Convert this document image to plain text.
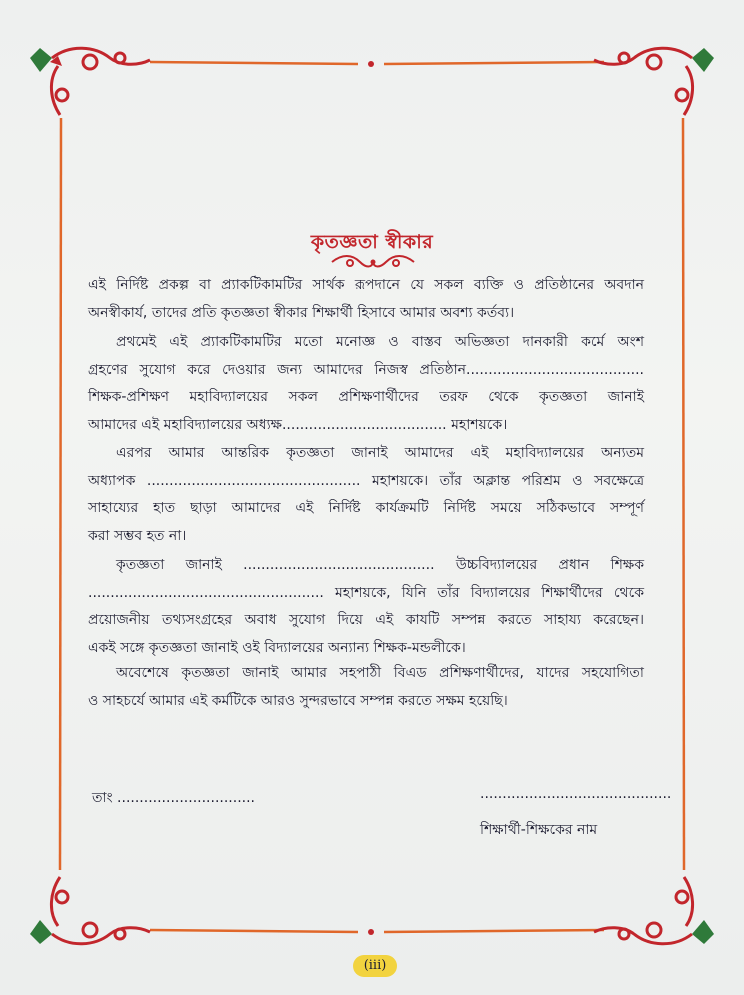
কৃতজ্ঞতা স্বীকার

এই নির্দিষ্ট প্রকল্প বা প্র্যাকটিকামটির সার্থক রূপদানে যে সকল ব্যক্তি ও প্রতিষ্ঠানের অবদান

অনস্বীকার্য, তাদের প্রতি কৃতজ্ঞতা স্বীকার শিক্ষার্থী হিসাবে আমার অবশ্য কর্তব্য।

প্রথমেই এই প্র্যাকটিকামটির মতো মনোজ্ঞ ও বাস্তব অভিজ্ঞতা দানকারী কর্মে অংশ

গ্রহণের সুযোগ করে দেওয়ার জন্য আমাদের নিজস্ব প্রতিষ্ঠান........................................

শিক্ষক-প্রশিক্ষণ মহাবিদ্যালয়ের সকল প্রশিক্ষণার্থীদের তরফ থেকে কৃতজ্ঞতা জানাই

আমাদের এই মহাবিদ্যালয়ের অধ্যক্ষ..................................... মহাশয়কে।

এরপর আমার আন্তরিক কৃতজ্ঞতা জানাই আমাদের এই মহাবিদ্যালয়ের অন্যতম

অধ্যাপক ................................................ মহাশয়কে। তাঁর অক্লান্ত পরিশ্রম ও সবক্ষেত্রে

সাহায্যের হাত ছাড়া আমাদের এই নির্দিষ্ট কার্যক্রমটি নির্দিষ্ট সময়ে সঠিকভাবে সম্পূর্ণ

করা সম্ভব হত না।

কৃতজ্ঞতা জানাই ........................................... উচ্চবিদ্যালয়ের প্রধান শিক্ষক

..................................................... মহাশয়কে, যিনি তাঁর বিদ্যালয়ের শিক্ষার্থীদের থেকে

প্রয়োজনীয় তথ্যসংগ্রহের অবাধ সুযোগ দিয়ে এই কাযটি সম্পন্ন করতে সাহায্য করেছেন।

একই সঙ্গে কৃতজ্ঞতা জানাই ওই বিদ্যালয়ের অন্যান্য শিক্ষক-মন্ডলীকে।

অবেশেষে কৃতজ্ঞতা জানাই আমার সহপাঠী বিএড প্রশিক্ষণার্থীদের, যাদের সহযোগিতা

ও সাহচর্যে আমার এই কর্মটিকে আরও সুন্দরভাবে সম্পন্ন করতে সক্ষম হয়েছি।

তাং ...............................	...........................................
শিক্ষার্থী-শিক্ষকের নাম
(iii)
